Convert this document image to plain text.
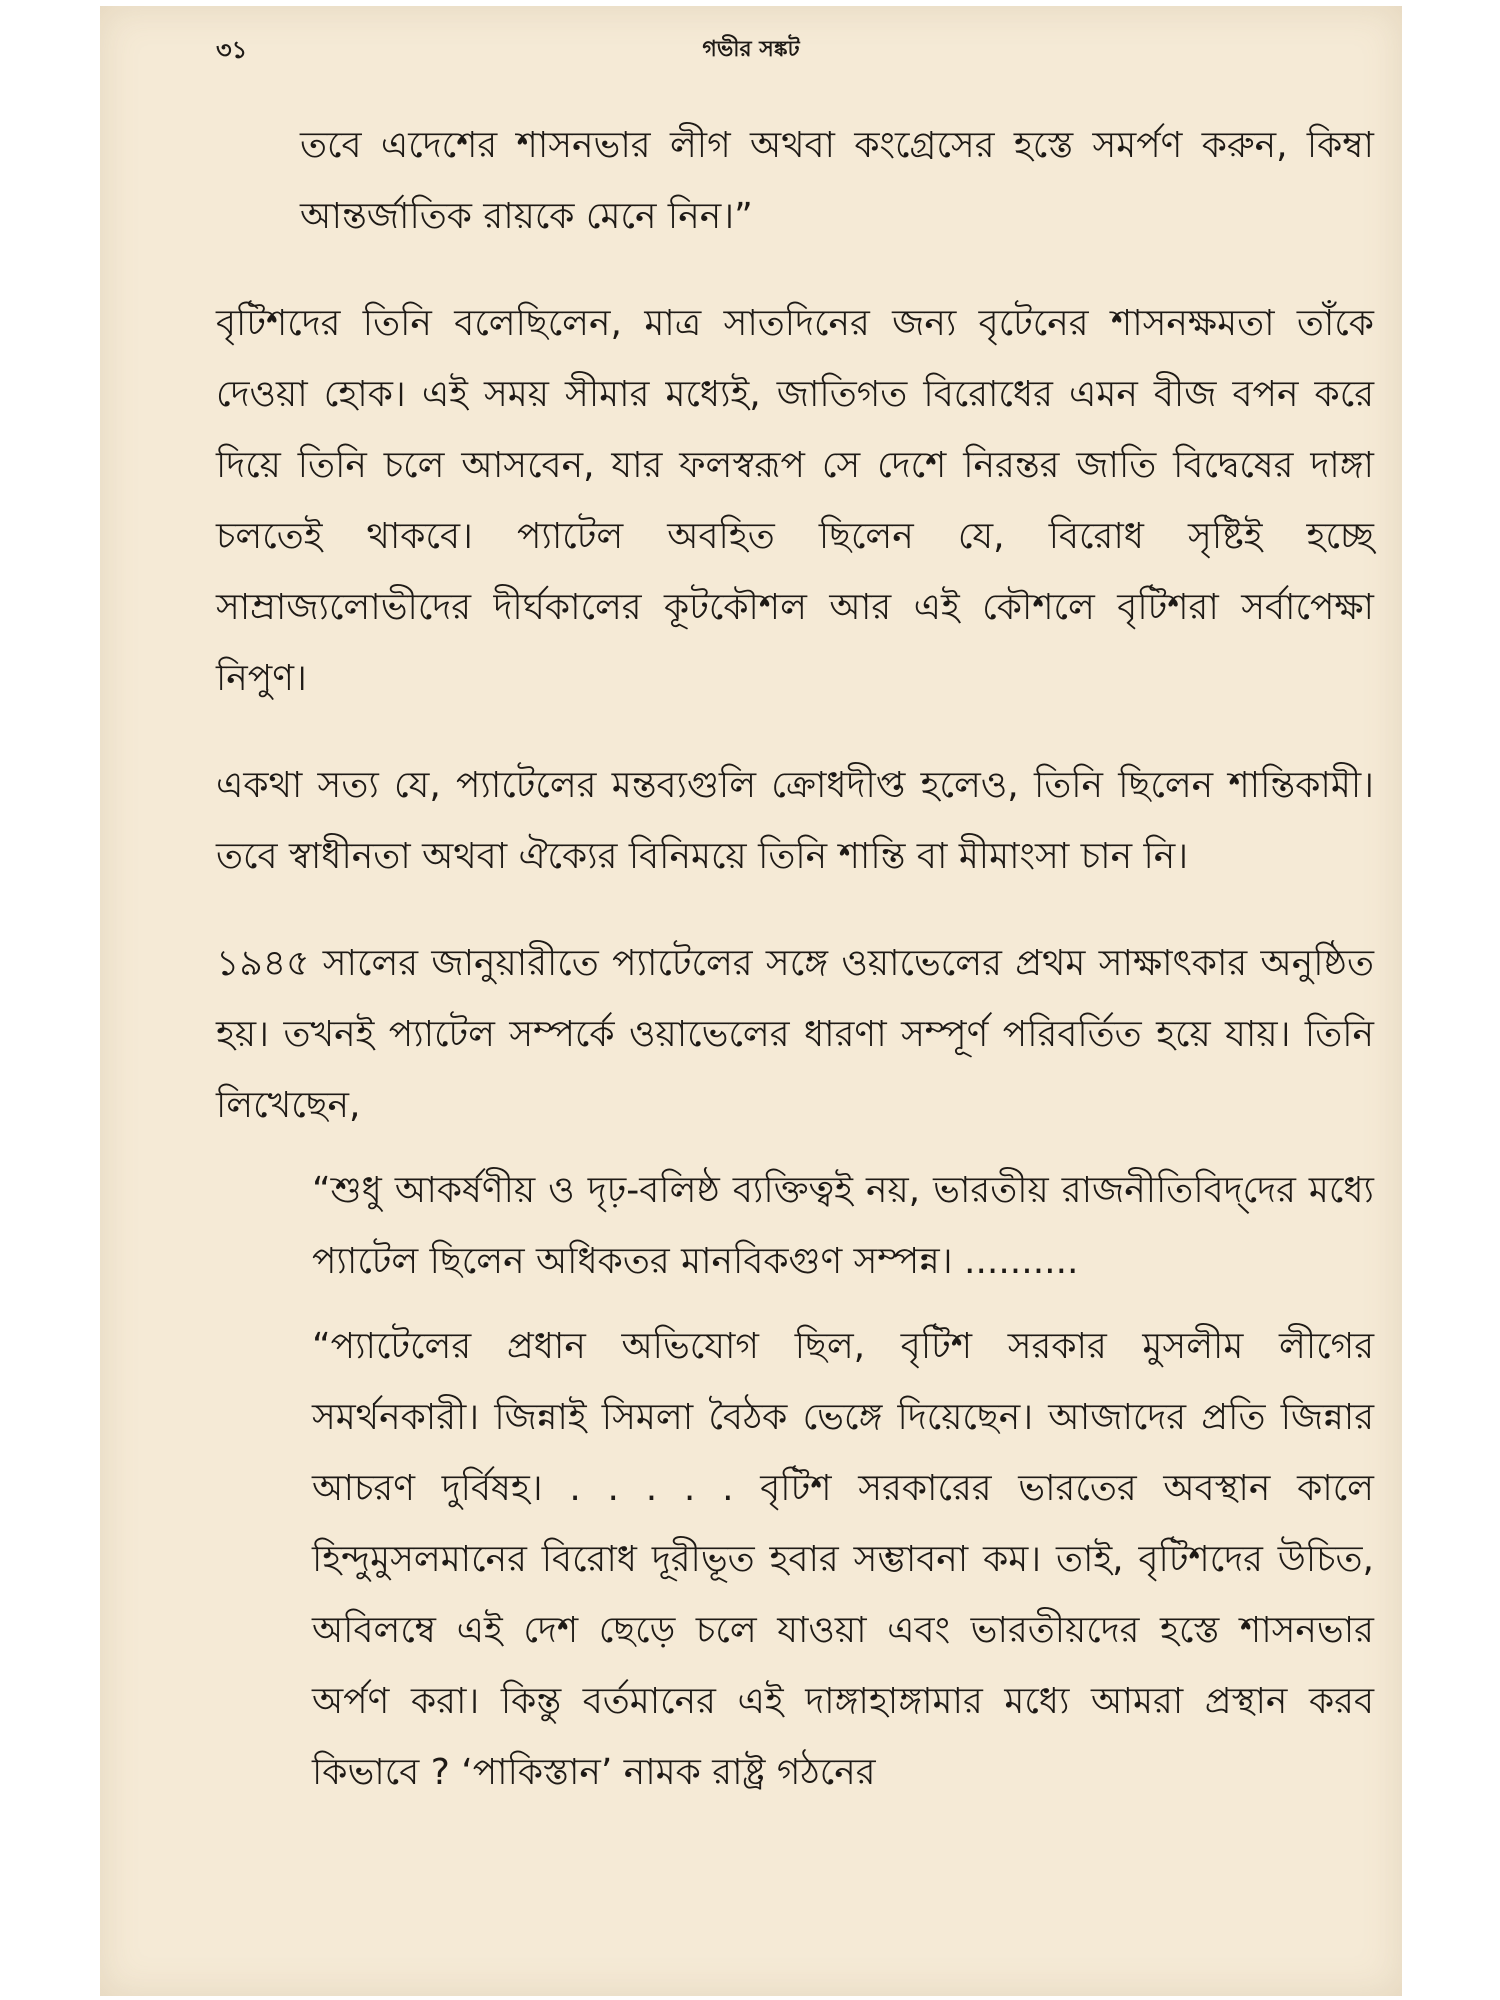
৩১	গভীর সঙ্কট

তবে এদেশের শাসনভার লীগ অথবা কংগ্রেসের হস্তে সমর্পণ করুন, কিম্বা আন্তর্জাতিক রায়কে মেনে নিন।”

বৃটিশদের তিনি বলেছিলেন, মাত্র সাতদিনের জন্য বৃটেনের শাসনক্ষমতা তাঁকে দেওয়া হোক। এই সময় সীমার মধ্যেই, জাতিগত বিরোধের এমন বীজ বপন করে দিয়ে তিনি চলে আসবেন, যার ফলস্বরূপ সে দেশে নিরন্তর জাতি বিদ্বেষের দাঙ্গা চলতেই থাকবে। প্যাটেল অবহিত ছিলেন যে, বিরোধ সৃষ্টিই হচ্ছে সাম্রাজ্যলোভীদের দীর্ঘকালের কূটকৌশল আর এই কৌশলে বৃটিশরা সর্বাপেক্ষা নিপুণ।

একথা সত্য যে, প্যাটেলের মন্তব্যগুলি ক্রোধদীপ্ত হলেও, তিনি ছিলেন শান্তিকামী। তবে স্বাধীনতা অথবা ঐক্যের বিনিময়ে তিনি শান্তি বা মীমাংসা চান নি।

১৯৪৫ সালের জানুয়ারীতে প্যাটেলের সঙ্গে ওয়াভেলের প্রথম সাক্ষাৎকার অনুষ্ঠিত হয়। তখনই প্যাটেল সম্পর্কে ওয়াভেলের ধারণা সম্পূর্ণ পরিবর্তিত হয়ে যায়। তিনি লিখেছেন,

“শুধু আকর্ষণীয় ও দৃঢ়-বলিষ্ঠ ব্যক্তিত্বই নয়, ভারতীয় রাজনীতিবিদ্‌দের মধ্যে প্যাটেল ছিলেন অধিকতর মানবিকগুণ সম্পন্ন। ..........

“প্যাটেলের প্রধান অভিযোগ ছিল, বৃটিশ সরকার মুসলীম লীগের সমর্থনকারী। জিন্নাই সিমলা বৈঠক ভেঙ্গে দিয়েছেন। আজাদের প্রতি জিন্নার আচরণ দুর্বিষহ। . . . . . বৃটিশ সরকারের ভারতের অবস্থান কালে হিন্দুমুসলমানের বিরোধ দূরীভূত হবার সম্ভাবনা কম। তাই, বৃটিশদের উচিত, অবিলম্বে এই দেশ ছেড়ে চলে যাওয়া এবং ভারতীয়দের হস্তে শাসনভার অর্পণ করা। কিন্তু বর্তমানের এই দাঙ্গাহাঙ্গামার মধ্যে আমরা প্রস্থান করব কিভাবে ? ‘পাকিস্তান’ নামক রাষ্ট্র গঠনের
